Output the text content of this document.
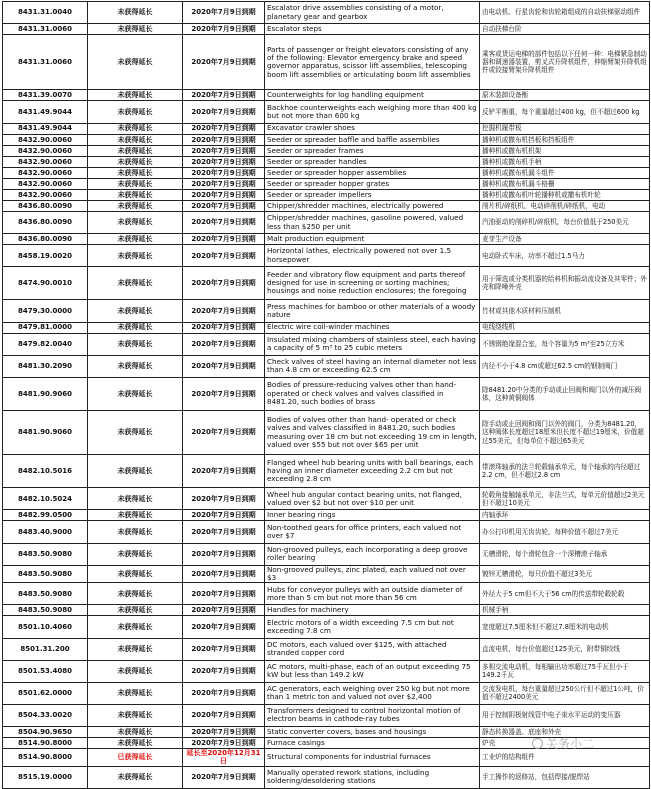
8431.31.0040	未获得延长	2020年7月9日到期	Escalator drive assemblies consisting of a motor, planetary gear and gearbox	由电动机、行星齿轮和齿轮箱组成的自动扶梯驱动组件
8431.31.0060	未获得延长	2020年7月9日到期	Escalator steps	自动扶梯台阶
8431.31.0060	未获得延长	2020年7月9日到期	Parts of passenger or freight elevators consisting of any of the following: Elevator emergency brake and speed governor apparatus, scissor lift assemblies, telescoping boom lift assemblies or articulating boom lift assemblies	乘客或货运电梯的部件包括以下任何一种：电梯紧急制动器和调速器装置，剪叉式升降机组件，伸缩臂架升降机组件或铰接臂架升降机组件
8431.39.0070	未获得延长	2020年7月9日到期	Counterweights for log handling equipment	原木装卸设备衡
8431.49.9044	未获得延长	2020年7月9日到期	Backhoe counterweights each weighing more than 400 kg but not more than 600 kg	反铲平衡重，每个重量超过400 kg，但不超过600 kg
8431.49.9044	未获得延长	2020年7月9日到期	Excavator crawler shoes	挖掘机履带板
8432.90.0060	未获得延长	2020年7月9日到期	Seeder or spreader baffle and baffle assemblies	播种机或撒布机挡板和挡板组件
8432.90.0060	未获得延长	2020年7月9日到期	Seeder or spreader frames	播种机或撒布机机架
8432.90.0060	未获得延长	2020年7月9日到期	Seeder or spreader handles	播种机或撒布机手柄
8432.90.0060	未获得延长	2020年7月9日到期	Seeder or spreader hopper assemblies	播种机或撒布机漏斗组件
8432.90.0060	未获得延长	2020年7月9日到期	Seeder or spreader hopper grates	播种机或撒布机漏斗格栅
8432.90.0060	未获得延长	2020年7月9日到期	Seeder or spreader impellers	播种机或撒布机叶轮播种机或撒布机叶轮
8436.80.0090	未获得延长	2020年7月9日到期	Chipper/shredder machines, electrically powered	削片机/碎纸机，电动碎削机/碎纸机，电动
8436.80.0090	未获得延长	2020年7月9日到期	Chipper/shredder machines, gasoline powered, valued less than $250 per unit	汽油驱动的削碎机/碎纸机，每台价值低于250美元
8436.80.0090	未获得延长	2020年7月9日到期	Malt production equipment	麦芽生产设备
8458.19.0020	未获得延长	2020年7月9日到期	Horizontal lathes, electrically powered not over 1.5 horsepower	电动卧式车床，功率不超过1.5马力
8474.90.0010	未获得延长	2020年7月9日到期	Feeder and vibratory flow equipment and parts thereof designed for use in screening or sorting machines; housings and noise reduction enclosures; the foregoing	用于筛选或分类机器的给料机和振动流设备及其零件；外壳和降噪外壳
8479.30.0000	未获得延长	2020年7月9日到期	Press machines for bamboo or other materials of a woody nature	竹材或其他木质材料压制机
8479.81.0000	未获得延长	2020年7月9日到期	Electric wire coil-winder machines	电线绕线机
8479.82.0040	未获得延长	2020年7月9日到期	Insulated mixing chambers of stainless steel, each having a capacity of 5 m³ to 25 cubic meters	不锈钢绝缘混合室，每个容量为5 m³至25立方米
8481.30.2090	未获得延长	2020年7月9日到期	Check valves of steel having an internal diameter not less than 4.8 cm or exceeding 62.5 cm	内径不小于4.8 cm或超过62.5 cm的钢制阀门
8481.90.9060	未获得延长	2020年7月9日到期	Bodies of pressure-reducing valves other than hand-operated or check valves and valves classified in 8481.20, such bodies of brass	除8481.20中分类的手动或止回阀和阀门以外的减压阀体，这种黄铜阀体
8481.90.9060	未获得延长	2020年7月9日到期	Bodies of valves other than hand- operated or check valves and valves classified in 8481.20, such bodies measuring over 18 cm but not exceeding 19 cm in length, valued over $55 but not over $65 per unit	除手动或止回阀和阀门以外的阀门，分类为8481.20，这种阀体长度超过18厘米但长度不超过19厘米，价值超过55美元，但每单位不超过65美元
8482.10.5016	未获得延长	2020年7月9日到期	Flanged wheel hub bearing units with ball bearings, each having an inner diameter exceeding 2.2 cm but not exceeding 2.8 cm	带滚珠轴承的法兰轮毂轴承单元，每个轴承的内径超过2.2 cm，但不超过2.8 cm
8482.10.5024	未获得延长	2020年7月9日到期	Wheel hub angular contact bearing units, not flanged, valued over $2 but not over $10 per unit	轮毂角接触轴承单元，非法兰式，每单元价值超过2美元但不超过10美元
8482.99.0500	未获得延长	2020年7月9日到期	Inner bearing rings	内轴承环
8483.40.9000	未获得延长	2020年7月9日到期	Non-toothed gears for office printers, each valued not over $7	办公打印机用无齿齿轮，每种价值不超过7美元
8483.50.9080	未获得延长	2020年7月9日到期	Non-grooved pulleys, each incorporating a deep groove roller bearing	无槽滑轮，每个滑轮包含一个深槽滚子轴承
8483.50.9080	未获得延长	2020年7月9日到期	Non-grooved pulleys, zinc plated, each valued not over $3	镀锌无槽滑轮，每只价值不超过3美元
8483.50.9080	未获得延长	2020年7月9日到期	Hubs for conveyor pulleys with an outside diameter of more than 5 cm but not more than 56 cm	外径大于5 cm但不大于56 cm的传送带轮毂轮毂
8483.50.9080	未获得延长	2020年7月9日到期	Handles for machinery	机械手柄
8501.10.4060	未获得延长	2020年7月9日到期	Electric motors of a width exceeding 7.5 cm but not exceeding 7.8 cm	宽度超过7.5厘米但不超过7.8厘米的电动机
8501.31.200	未获得延长	2020年7月9日到期	DC motors, each valued over $125, with attached stranded copper cord	直流电机，每台价值超过125美元，附带铜绞线
8501.53.4080	未获得延长	2020年7月9日到期	AC motors, multi-phase, each of an output exceeding 75 kW but less than 149.2 kW	多相交流电动机，每相输出功率超过75千瓦但小于149.2千瓦
8501.62.0000	未获得延长	2020年7月9日到期	AC generators, each weighing over 250 kg but not more than 1 metric ton and valued not over $2,400	交流发电机，每台重量超过250公斤但不超过1公吨，价值不超过2400美元
8504.33.0020	未获得延长	2020年7月9日到期	Transformers designed to control horizontal motion of electron beams in cathode-ray tubes	用于控制阴极射线管中电子束水平运动的变压器
8504.90.9650	未获得延长	2020年7月9日到期	Static converter covers, bases and housings	静态转换器盖、底座和外壳
8514.90.8000	未获得延长	2020年7月9日到期	Furnace casings	炉壳
8514.90.8000	已获得延长	延长至2020年12月31日	Structural components for industrial furnaces	工业炉的结构组件
8515.19.0000	未获得延长	2020年7月9日到期	Manually operated rework stations, including soldering/desoldering stations	手工操作的返修站，包括焊接/脱焊站
关务小二
